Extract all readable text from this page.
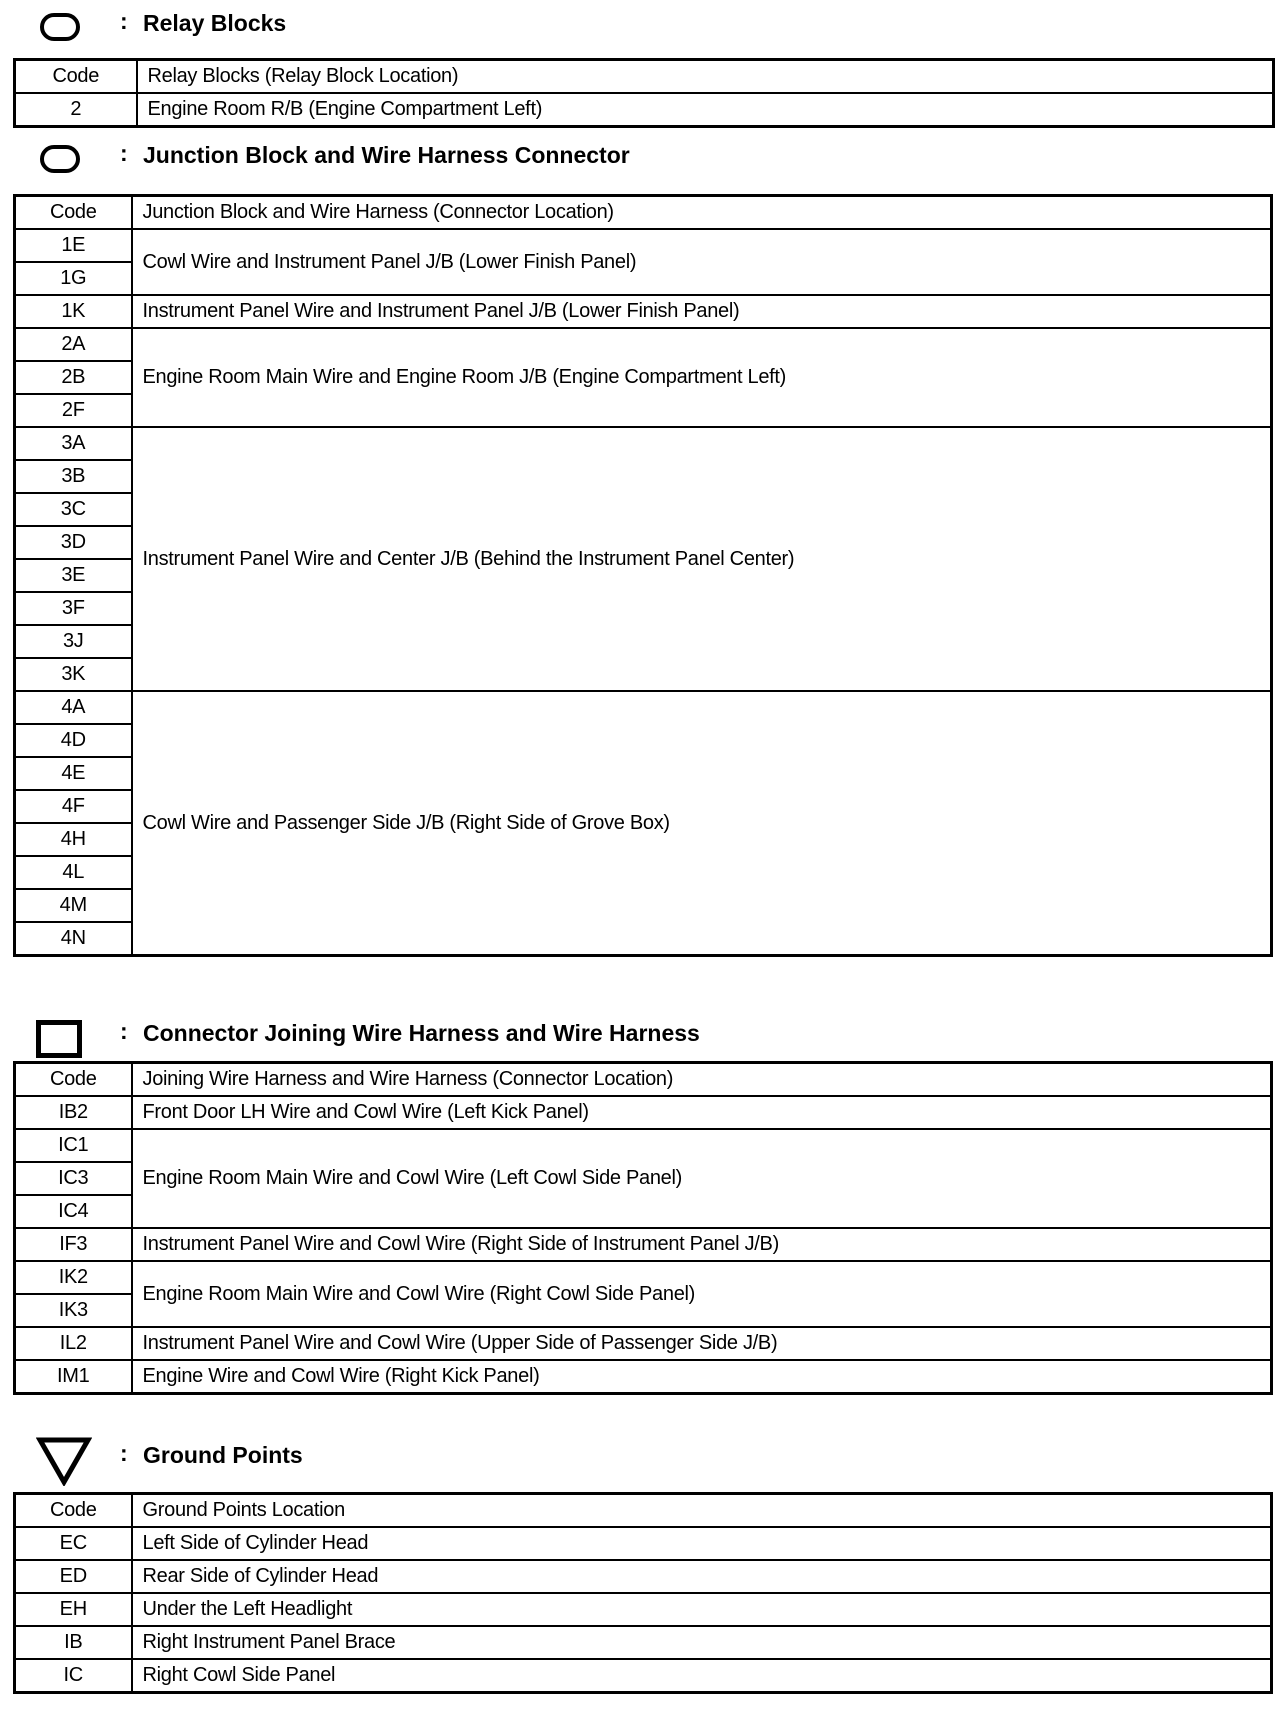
: Relay Blocks
Code	Relay Blocks (Relay Block Location)
2	Engine Room R/B (Engine Compartment Left)
: Junction Block and Wire Harness Connector
Code	Junction Block and Wire Harness (Connector Location)
1E	Cowl Wire and Instrument Panel J/B (Lower Finish Panel)
1G	
1K	Instrument Panel Wire and Instrument Panel J/B (Lower Finish Panel)
2A	Engine Room Main Wire and Engine Room J/B (Engine Compartment Left)
2B	
2F	
3A	Instrument Panel Wire and Center J/B (Behind the Instrument Panel Center)
3B	
3C	
3D	
3E	
3F	
3J	
3K	
4A	Cowl Wire and Passenger Side J/B (Right Side of Grove Box)
4D	
4E	
4F	
4H	
4L	
4M	
4N	
: Connector Joining Wire Harness and Wire Harness
Code	Joining Wire Harness and Wire Harness (Connector Location)
IB2	Front Door LH Wire and Cowl Wire (Left Kick Panel)
IC1	Engine Room Main Wire and Cowl Wire (Left Cowl Side Panel)
IC3	
IC4	
IF3	Instrument Panel Wire and Cowl Wire (Right Side of Instrument Panel J/B)
IK2	Engine Room Main Wire and Cowl Wire (Right Cowl Side Panel)
IK3	
IL2	Instrument Panel Wire and Cowl Wire (Upper Side of Passenger Side J/B)
IM1	Engine Wire and Cowl Wire (Right Kick Panel)
: Ground Points
Code	Ground Points Location
EC	Left Side of Cylinder Head
ED	Rear Side of Cylinder Head
EH	Under the Left Headlight
IB	Right Instrument Panel Brace
IC	Right Cowl Side Panel
